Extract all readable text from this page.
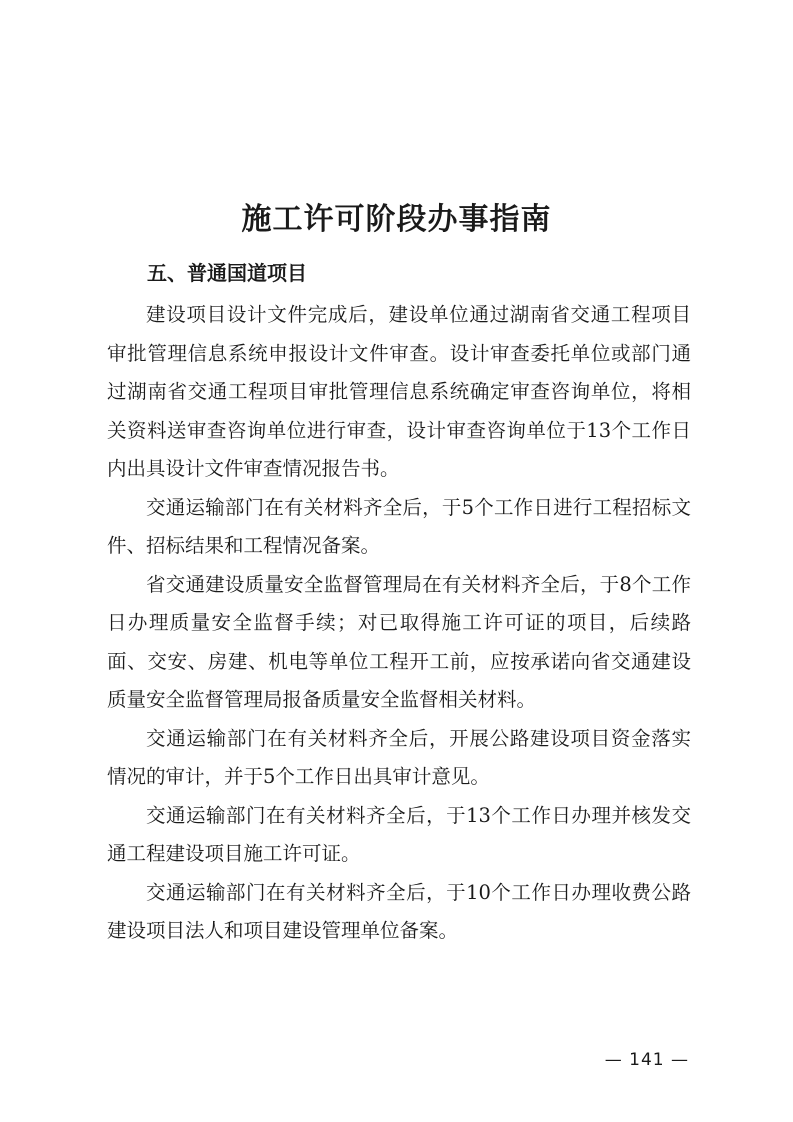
施工许可阶段办事指南
五、普通国道项目

建设项目设计文件完成后，建设单位通过湖南省交通工程项目审批管理信息系统申报设计文件审查。设计审查委托单位或部门通过湖南省交通工程项目审批管理信息系统确定审查咨询单位，将相关资料送审查咨询单位进行审查，设计审查咨询单位于13个工作日内出具设计文件审查情况报告书。

交通运输部门在有关材料齐全后，于5个工作日进行工程招标文件、招标结果和工程情况备案。

省交通建设质量安全监督管理局在有关材料齐全后，于8个工作日办理质量安全监督手续；对已取得施工许可证的项目，后续路面、交安、房建、机电等单位工程开工前，应按承诺向省交通建设质量安全监督管理局报备质量安全监督相关材料。

交通运输部门在有关材料齐全后，开展公路建设项目资金落实情况的审计，并于5个工作日出具审计意见。

交通运输部门在有关材料齐全后，于13个工作日办理并核发交通工程建设项目施工许可证。

交通运输部门在有关材料齐全后，于10个工作日办理收费公路建设项目法人和项目建设管理单位备案。

— 141 —
